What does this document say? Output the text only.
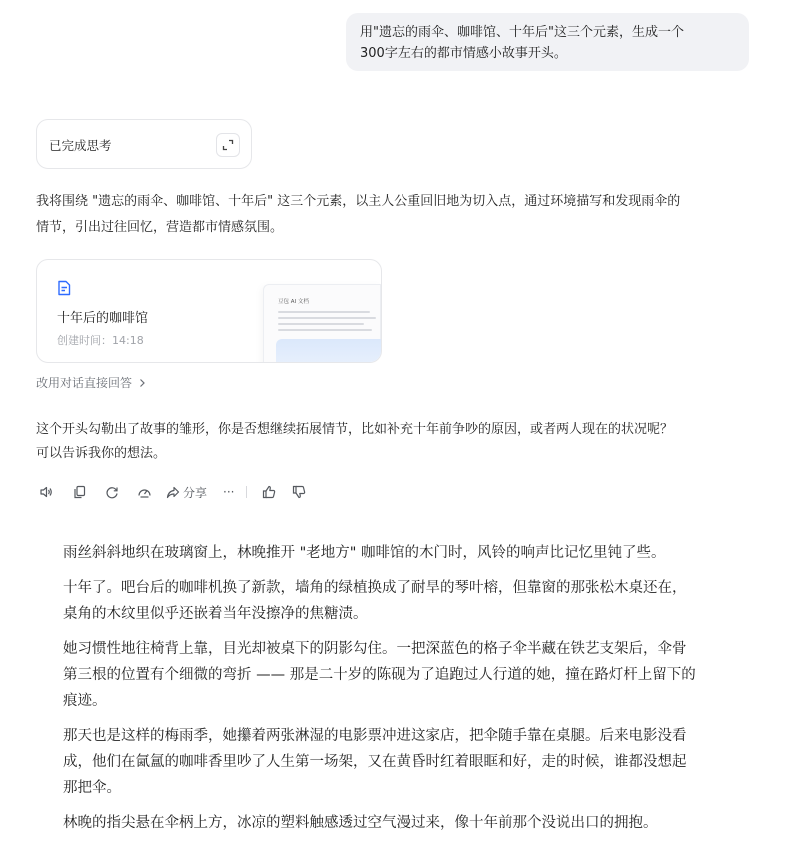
用"遗忘的雨伞、咖啡馆、十年后"这三个元素，生成一个
300字左右的都市情感小故事开头。
已完成思考
我将围绕 "遗忘的雨伞、咖啡馆、十年后" 这三个元素，以主人公重回旧地为切入点，通过环境描写和发现雨伞的
情节，引出过往回忆，营造都市情感氛围。
十年后的咖啡馆
创建时间：14:18
豆包 AI 文档
改用对话直接回答
这个开头勾勒出了故事的雏形，你是否想继续拓展情节，比如补充十年前争吵的原因，或者两人现在的状况呢？
可以告诉我你的想法。
分享 ···

雨丝斜斜地织在玻璃窗上，林晚推开 "老地方" 咖啡馆的木门时，风铃的响声比记忆里钝了些。

十年了。吧台后的咖啡机换了新款，墙角的绿植换成了耐旱的琴叶榕，但靠窗的那张松木桌还在，
桌角的木纹里似乎还嵌着当年没擦净的焦糖渍。

她习惯性地往椅背上靠，目光却被桌下的阴影勾住。一把深蓝色的格子伞半藏在铁艺支架后，伞骨
第三根的位置有个细微的弯折 —— 那是二十岁的陈砚为了追跑过人行道的她，撞在路灯杆上留下的
痕迹。

那天也是这样的梅雨季，她攥着两张淋湿的电影票冲进这家店，把伞随手靠在桌腿。后来电影没看
成，他们在氤氲的咖啡香里吵了人生第一场架，又在黄昏时红着眼眶和好，走的时候，谁都没想起
那把伞。

林晚的指尖悬在伞柄上方，冰凉的塑料触感透过空气漫过来，像十年前那个没说出口的拥抱。
